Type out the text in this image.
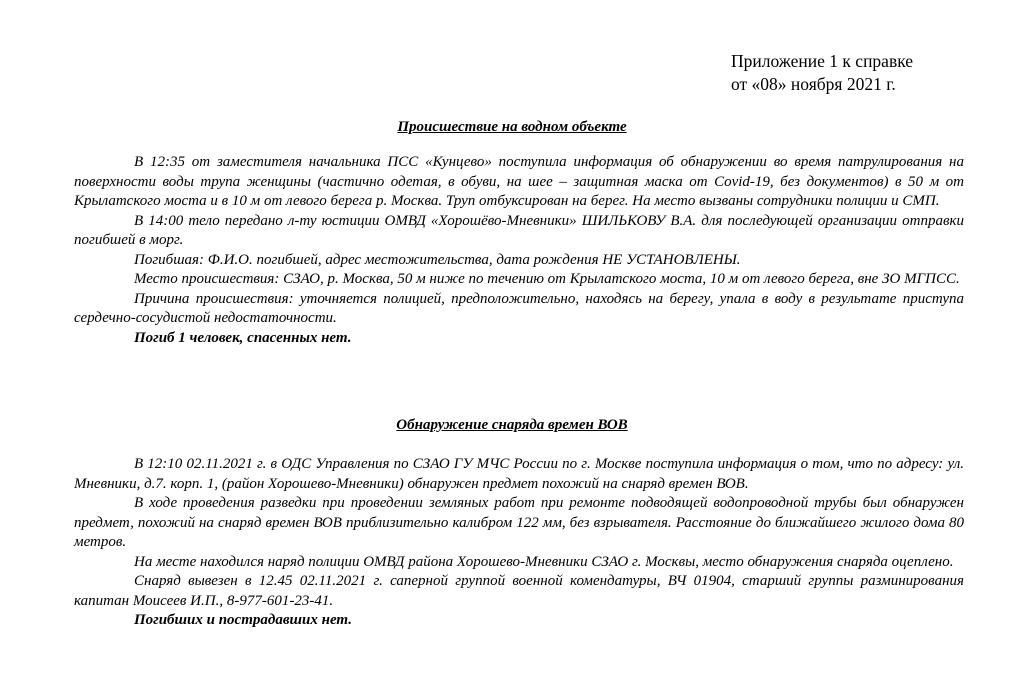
Приложение 1 к справке
от «08» ноября 2021 г.
Происшествие на водном объекте

В 12:35 от заместителя начальника ПСС «Кунцево» поступила информация об обнаружении во время патрулирования на поверхности воды трупа женщины (частично одетая, в обуви, на шее – защитная маска от Covid-19, без документов) в 50 м от Крылатского моста и в 10 м от левого берега р. Москва. Труп отбуксирован на берег. На место вызваны сотрудники полиции и СМП.

В 14:00 тело передано л-ту юстиции ОМВД «Хорошёво-Мневники» ШИЛЬКОВУ В.А. для последующей организации отправки погибшей в морг.

Погибшая: Ф.И.О. погибшей, адрес местожительства, дата рождения НЕ УСТАНОВЛЕНЫ.

Место происшествия: СЗАО, р. Москва, 50 м ниже по течению от Крылатского моста, 10 м от левого берега, вне ЗО МГПСС.

Причина происшествия: уточняется полицией, предположительно, находясь на берегу, упала в воду в результате приступа сердечно-сосудистой недостаточности.

Погиб 1 человек, спасенных нет.

Обнаружение снаряда времен ВОВ

В 12:10 02.11.2021 г. в ОДС Управления по СЗАО ГУ МЧС России по г. Москве поступила информация о том, что по адресу: ул. Мневники, д.7. корп. 1, (район Хорошево-Мневники) обнаружен предмет похожий на снаряд времен ВОВ.

В ходе проведения разведки при проведении земляных работ при ремонте подводящей водопроводной трубы был обнаружен предмет, похожий на снаряд времен ВОВ приблизительно калибром 122 мм, без взрывателя. Расстояние до ближайшего жилого дома 80 метров.

На месте находился наряд полиции ОМВД района Хорошево-Мневники СЗАО г. Москвы, место обнаружения снаряда оцеплено.

Снаряд вывезен в 12.45 02.11.2021 г. саперной группой военной комендатуры, ВЧ 01904, старший группы разминирования капитан Моисеев И.П., 8-977-601-23-41.

Погибших и пострадавших нет.
